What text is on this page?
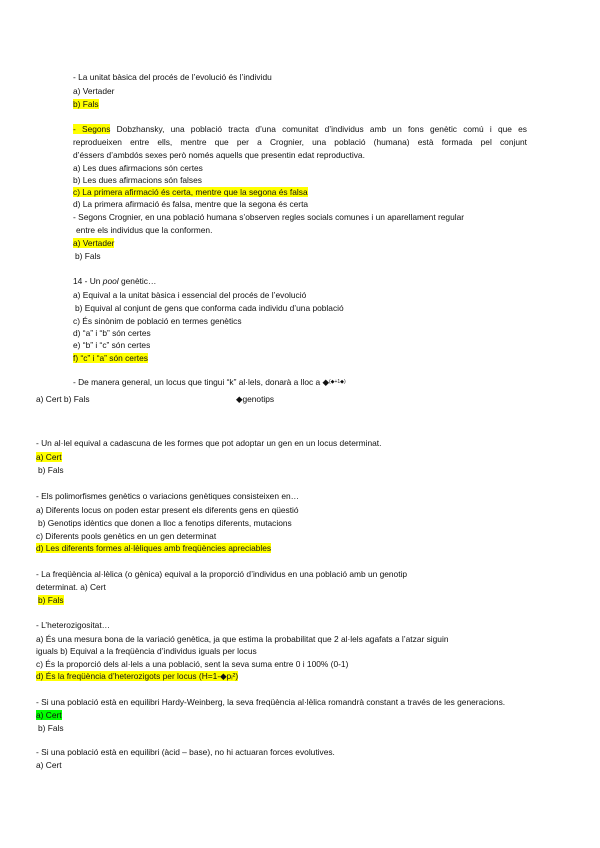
- La unitat bàsica del procés de l’evolució és l’individu
a) Vertader
b) Fals
- Segons Dobzhansky, una població tracta d’una comunitat d’individus amb un fons genètic comú i que es
reprodueixen entre ells, mentre que per a Crognier, una població (humana) està formada pel conjunt
d’éssers d’ambdós sexes però només aquells que presentin edat reproductiva.
a) Les dues afirmacions són certes
b) Les dues afirmacions són falses
c) La primera afirmació és certa, mentre que la segona és falsa
d) La primera afirmació és falsa, mentre que la segona és certa
- Segons Crognier, en una població humana s’observen regles socials comunes i un aparellament regular
entre els individus que la conformen.
a) Vertader
b) Fals
14 - Un pool genètic…
a) Equival a la unitat bàsica i essencial del procés de l’evolució
b) Equival al conjunt de gens que conforma cada individu d’una població
c) És sinònim de població en termes genètics
d) “a” i “b” són certes
e) “b” i “c” són certes
f) “c” i “a” són certes
- De manera general, un locus que tingui “k” al·lels, donarà a lloc a ◆$^{(◆+1◆)}$
a) Cert b) Fals	◆genotips
- Un al·lel equival a cadascuna de les formes que pot adoptar un gen en un locus determinat.
a) Cert
b) Fals
- Els polimorfismes genètics o variacions genètiques consisteixen en…
a) Diferents locus on poden estar present els diferents gens en qüestió
b) Genotips idèntics que donen a lloc a fenotips diferents, mutacions
c) Diferents pools genètics en un gen determinat
d) Les diferents formes al·lèliques amb freqüències apreciables
- La freqüència al·lèlica (o gènica) equival a la proporció d’individus en una població amb un genotip
determinat. a) Cert
b) Fals
- L’heterozigositat…
a) És una mesura bona de la variació genètica, ja que estima la probabilitat que 2 al·lels agafats a l’atzar siguin
iguals b) Equival a la freqüència d’individus iguals per locus
c) És la proporció dels al·lels a una població, sent la seva suma entre 0 i 100% (0-1)
d) És la freqüència d’heterozigots per locus (H=1-◆pᵢ²)
- Si una població està en equilibri Hardy-Weinberg, la seva freqüència al·lèlica romandrà constant a través de les generacions.
a) Cert
b) Fals
- Si una població està en equilibri (àcid – base), no hi actuaran forces evolutives.
a) Cert
